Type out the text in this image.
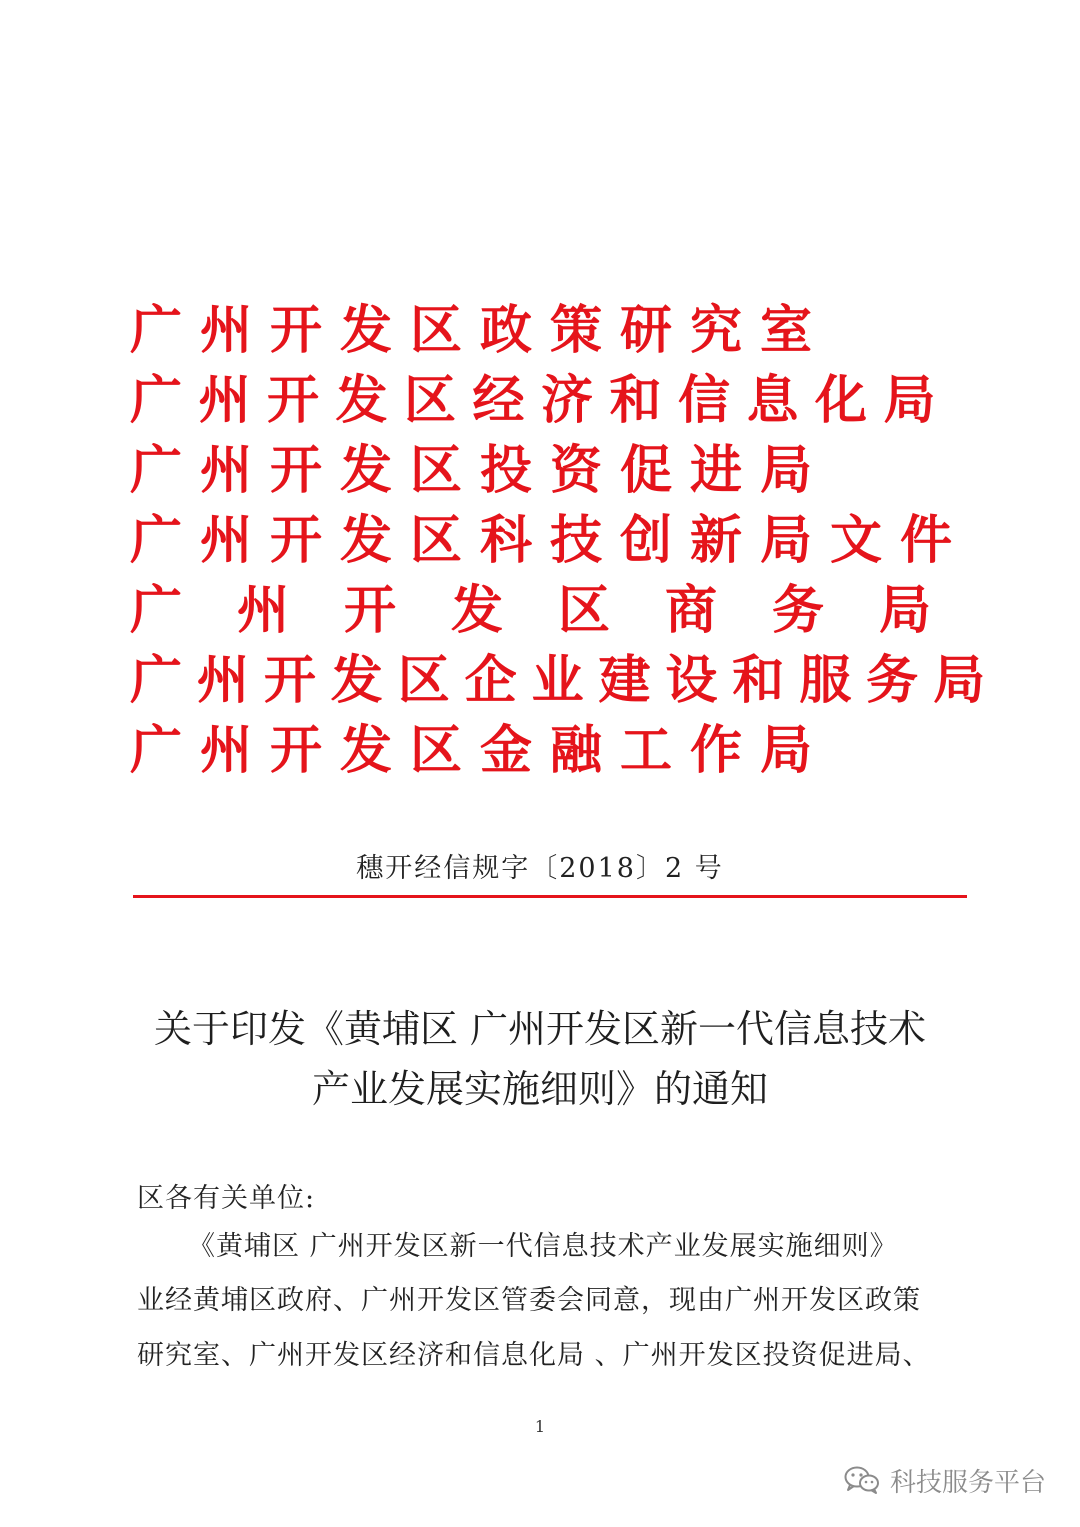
广 州 开 发 区 政 策 研 究 室
广 州 开 发 区 经 济 和 信 息 化 局
广 州 开 发 区 投 资 促 进 局
广 州 开 发 区 科 技 创 新 局 文 件
广	州	开	发	区	商	务	局
广 州 开 发 区 企 业 建 设 和 服 务 局
广 州 开 发 区 金 融 工 作 局
穗开经信规字〔2018〕2 号
关于印发《黄埔区 广州开发区新一代信息技术
产业发展实施细则》的通知
区各有关单位:
《黄埔区 广州开发区新一代信息技术产业发展实施细则》
业经黄埔区政府、广州开发区管委会同意，现由广州开发区政策
研究室、广州开发区经济和信息化局 、广州开发区投资促进局、
1
科技服务平台
